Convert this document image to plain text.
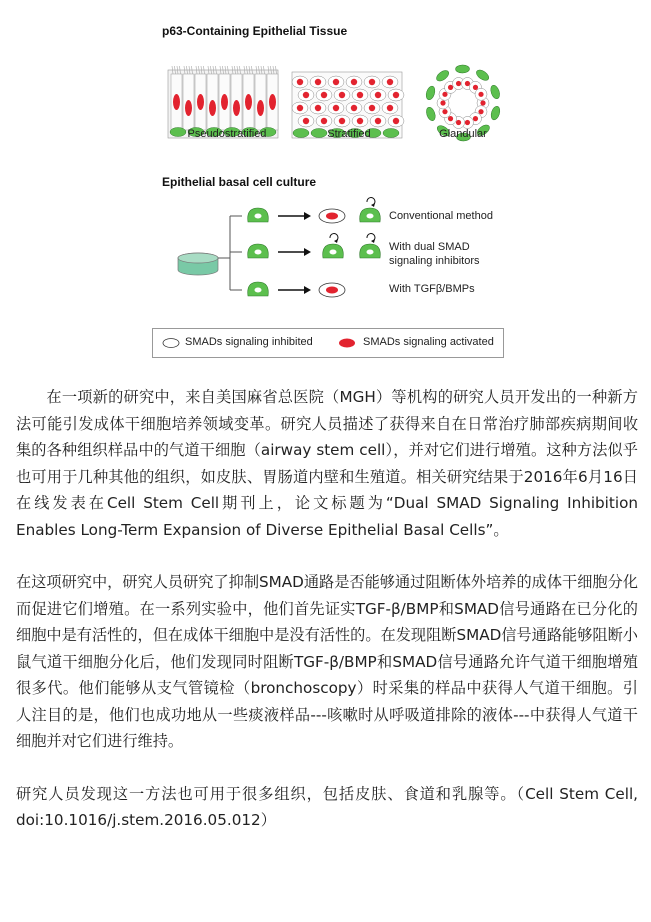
p63-Containing Epithelial Tissue
Pseudostratified	Stratified	Glandular
Epithelial basal cell culture
Conventional method
With dual SMAD
signaling inhibitors
With TGFβ/BMPs
SMADs signaling inhibited	SMADs signaling activated

在一项新的研究中，来自美国麻省总医院（MGH）等机构的研究人员开发出的一种新方法可能引发成体干细胞培养领域变革。研究人员描述了获得来自在日常治疗肺部疾病期间收集的各种组织样品中的气道干细胞（airway stem cell），并对它们进行增殖。这种方法似乎也可用于几种其他的组织，如皮肤、胃肠道内壁和生殖道。相关研究结果于2016年6月16日在线发表在Cell Stem Cell期刊上，论文标题为“Dual SMAD Signaling Inhibition Enables Long-Term Expansion of Diverse Epithelial Basal Cells”。

在这项研究中，研究人员研究了抑制SMAD通路是否能够通过阻断体外培养的成体干细胞分化而促进它们增殖。在一系列实验中，他们首先证实TGF-β/BMP和SMAD信号通路在已分化的细胞中是有活性的，但在成体干细胞中是没有活性的。在发现阻断SMAD信号通路能够阻断小鼠气道干细胞分化后，他们发现同时阻断TGF-β/BMP和SMAD信号通路允许气道干细胞增殖很多代。他们能够从支气管镜检（bronchoscopy）时采集的样品中获得人气道干细胞。引人注目的是，他们也成功地从一些痰液样品---咳嗽时从呼吸道排除的液体---中获得人气道干细胞并对它们进行维持。

研究人员发现这一方法也可用于很多组织，包括皮肤、食道和乳腺等。（Cell Stem Cell, doi:10.1016/j.stem.2016.05.012）
